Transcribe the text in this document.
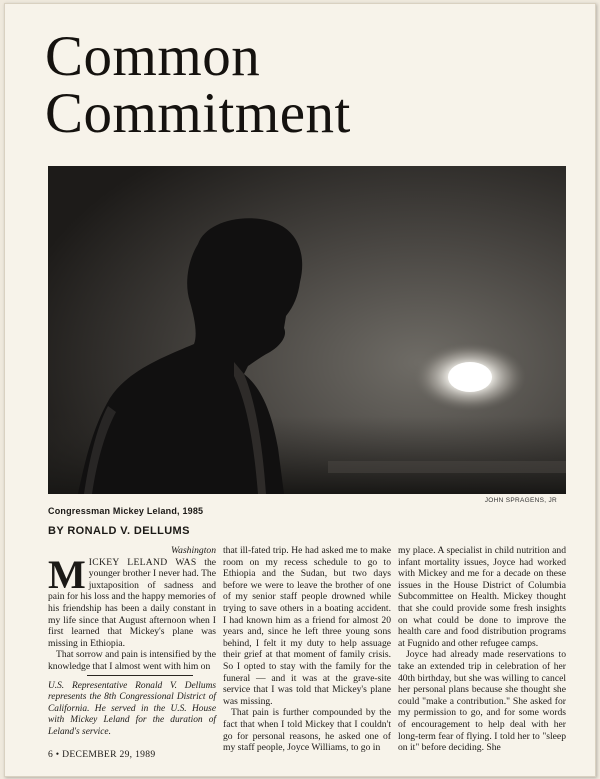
Common
Commitment
JOHN SPRAGENS, JR
Congressman Mickey Leland, 1985
BY RONALD V. DELLUMS
Washington

MICKEY LELAND WAS the younger brother I never had. The juxtaposition of sadness and pain for his loss and the happy memories of his friendship has been a daily constant in my life since that August afternoon when I first learned that Mickey's plane was missing in Ethiopia.

That sorrow and pain is intensified by the knowledge that I almost went with him on

U.S. Representative Ronald V. Dellums represents the 8th Congressional District of California. He served in the U.S. House with Mickey Leland for the duration of Leland's service.

that ill-fated trip. He had asked me to make room on my recess schedule to go to Ethiopia and the Sudan, but two days before we were to leave the brother of one of my senior staff people drowned while trying to save others in a boating accident. I had known him as a friend for almost 20 years and, since he left three young sons behind, I felt it my duty to help assuage their grief at that moment of family crisis. So I opted to stay with the family for the funeral — and it was at the grave-site service that I was told that Mickey's plane was missing.

That pain is further compounded by the fact that when I told Mickey that I couldn't go for personal reasons, he asked one of my staff people, Joyce Williams, to go in

my place. A specialist in child nutrition and infant mortality issues, Joyce had worked with Mickey and me for a decade on these issues in the House District of Columbia Subcommittee on Health. Mickey thought that she could provide some fresh insights on what could be done to improve the health care and food distribution programs at Fugnido and other refugee camps.

Joyce had already made reservations to take an extended trip in celebration of her 40th birthday, but she was willing to cancel her personal plans because she thought she could "make a contribution." She asked for my permission to go, and for some words of encouragement to help deal with her long-term fear of flying. I told her to "sleep on it" before deciding. She

6 • DECEMBER 29, 1989
